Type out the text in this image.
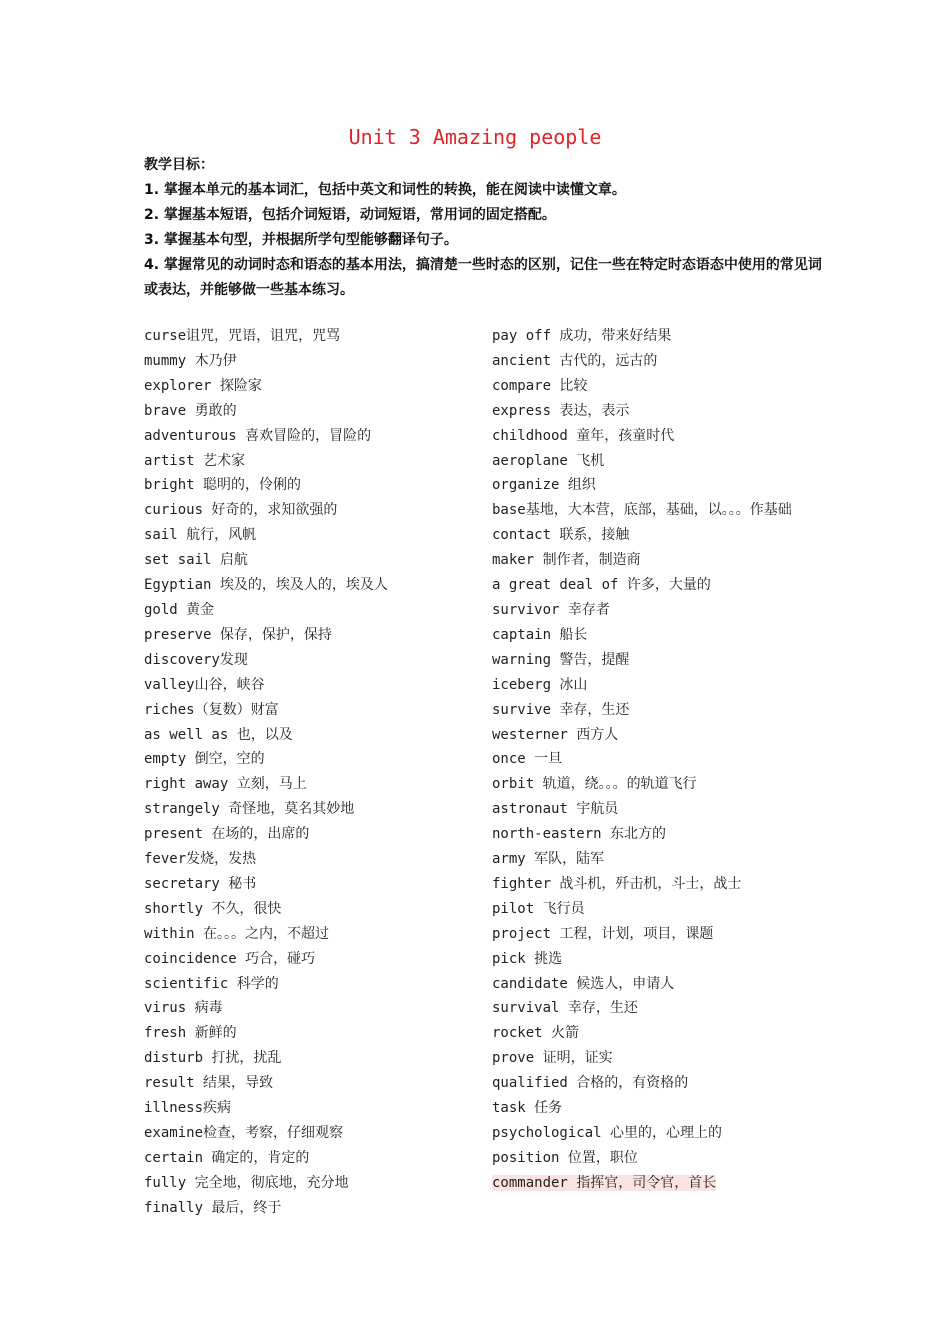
Unit 3 Amazing people
教学目标：
1. 掌握本单元的基本词汇，包括中英文和词性的转换，能在阅读中读懂文章。
2. 掌握基本短语，包括介词短语，动词短语，常用词的固定搭配。
3. 掌握基本句型，并根据所学句型能够翻译句子。
4. 掌握常见的动词时态和语态的基本用法，搞清楚一些时态的区别，记住一些在特定时态语态中使用的常见词或表达，并能够做一些基本练习。
curse诅咒，咒语，诅咒，咒骂
mummy 木乃伊
explorer 探险家
brave 勇敢的
adventurous 喜欢冒险的，冒险的
artist 艺术家
bright 聪明的，伶俐的
curious 好奇的，求知欲强的
sail 航行，风帆
set sail 启航
Egyptian 埃及的，埃及人的，埃及人
gold 黄金
preserve 保存，保护，保持
discovery发现
valley山谷，峡谷
riches（复数）财富
as well as 也，以及
empty 倒空，空的
right away 立刻，马上
strangely 奇怪地，莫名其妙地
present 在场的，出席的
fever发烧，发热
secretary 秘书
shortly 不久，很快
within 在。。。之内，不超过
coincidence 巧合，碰巧
scientific 科学的
virus 病毒
fresh 新鲜的
disturb 打扰，扰乱
result 结果，导致
illness疾病
examine检查，考察，仔细观察
certain 确定的，肯定的
fully 完全地，彻底地，充分地
finally 最后，终于
pay off 成功，带来好结果
ancient 古代的，远古的
compare 比较
express 表达，表示
childhood 童年，孩童时代
aeroplane 飞机
organize 组织
base基地，大本营，底部，基础，以。。。作基础
contact 联系，接触
maker 制作者，制造商
a great deal of 许多，大量的
survivor 幸存者
captain 船长
warning 警告，提醒
iceberg 冰山
survive 幸存，生还
westerner 西方人
once 一旦
orbit 轨道，绕。。。的轨道飞行
astronaut 宇航员
north-eastern 东北方的
army 军队，陆军
fighter 战斗机，歼击机，斗士，战士
pilot 飞行员
project 工程，计划，项目，课题
pick 挑选
candidate 候选人，申请人
survival 幸存，生还
rocket 火箭
prove 证明，证实
qualified 合格的，有资格的
task 任务
psychological 心里的，心理上的
position 位置，职位
commander 指挥官，司令官，首长
